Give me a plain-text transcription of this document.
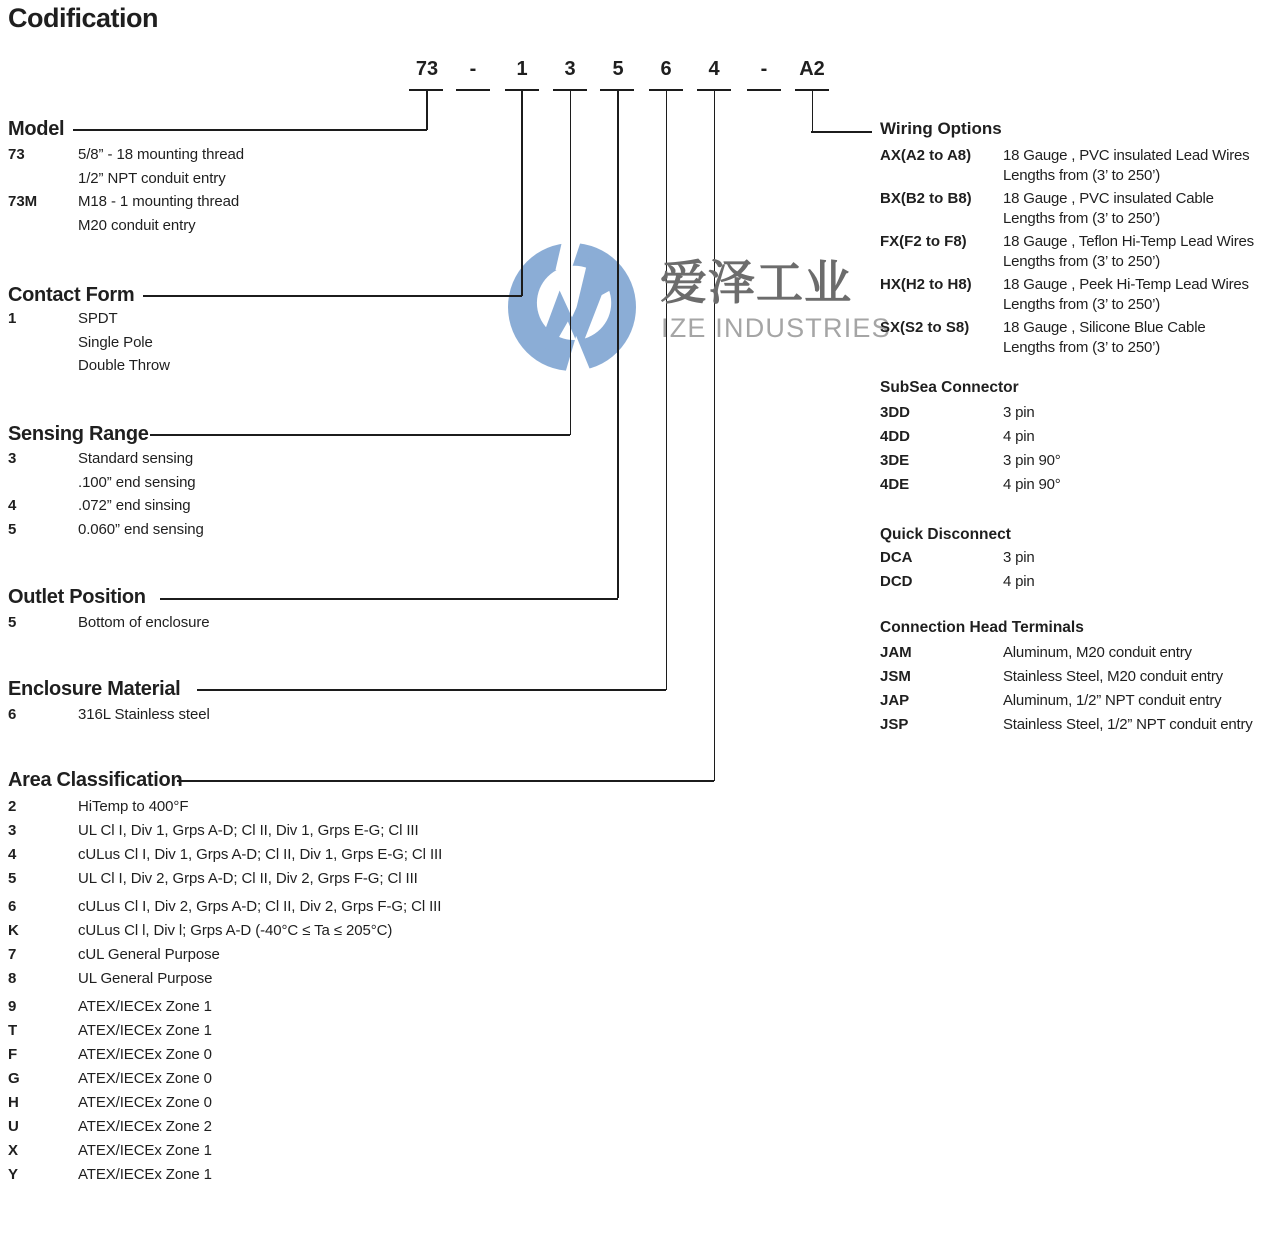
Codification
73	-	1	3	5	6	4	-	A2
爱泽工业
IZE INDUSTRIES
Model
73	5/8” - 18 mounting thread
1/2” NPT conduit entry
73M	M18 - 1 mounting thread
M20 conduit entry
Contact Form
1	SPDT
Single Pole
Double Throw
Sensing Range
3	Standard sensing
.100” end sensing
4	.072” end sinsing
5	0.060” end sensing
Outlet Position
5	Bottom of enclosure
Enclosure Material
6	316L Stainless steel
Area Classification
2	HiTemp to 400°F
3	UL Cl I, Div 1, Grps A-D; Cl II, Div 1, Grps E-G; Cl III
4	cULus Cl I, Div 1, Grps A-D; Cl II, Div 1, Grps E-G; Cl III
5	UL Cl I, Div 2, Grps A-D; Cl II, Div 2, Grps F-G; Cl III
6	cULus Cl I, Div 2, Grps A-D; Cl II, Div 2, Grps F-G; Cl III
K	cULus Cl l, Div l; Grps A-D (-40°C ≤ Ta ≤ 205°C)
7	cUL General Purpose
8	UL General Purpose
9	ATEX/IECEx Zone 1
T	ATEX/IECEx Zone 1
F	ATEX/IECEx Zone 0
G	ATEX/IECEx Zone 0
H	ATEX/IECEx Zone 0
U	ATEX/IECEx Zone 2
X	ATEX/IECEx Zone 1
Y	ATEX/IECEx Zone 1
Wiring Options
AX(A2 to A8)	18 Gauge , PVC insulated Lead Wires
Lengths from (3’ to 250’)
BX(B2 to B8)	18 Gauge , PVC insulated Cable
Lengths from (3’ to 250’)
FX(F2 to F8)	18 Gauge , Teflon Hi-Temp Lead Wires
Lengths from (3’ to 250’)
HX(H2 to H8)	18 Gauge , Peek Hi-Temp Lead Wires
Lengths from (3’ to 250’)
SX(S2 to S8)	18 Gauge , Silicone Blue Cable
Lengths from (3’ to 250’)
SubSea Connector
3DD	3 pin
4DD	4 pin
3DE	3 pin 90°
4DE	4 pin 90°
Quick Disconnect
DCA	3 pin
DCD	4 pin
Connection Head Terminals
JAM	Aluminum, M20 conduit entry
JSM	Stainless Steel, M20 conduit entry
JAP	Aluminum, 1/2” NPT conduit entry
JSP	Stainless Steel, 1/2” NPT conduit entry
